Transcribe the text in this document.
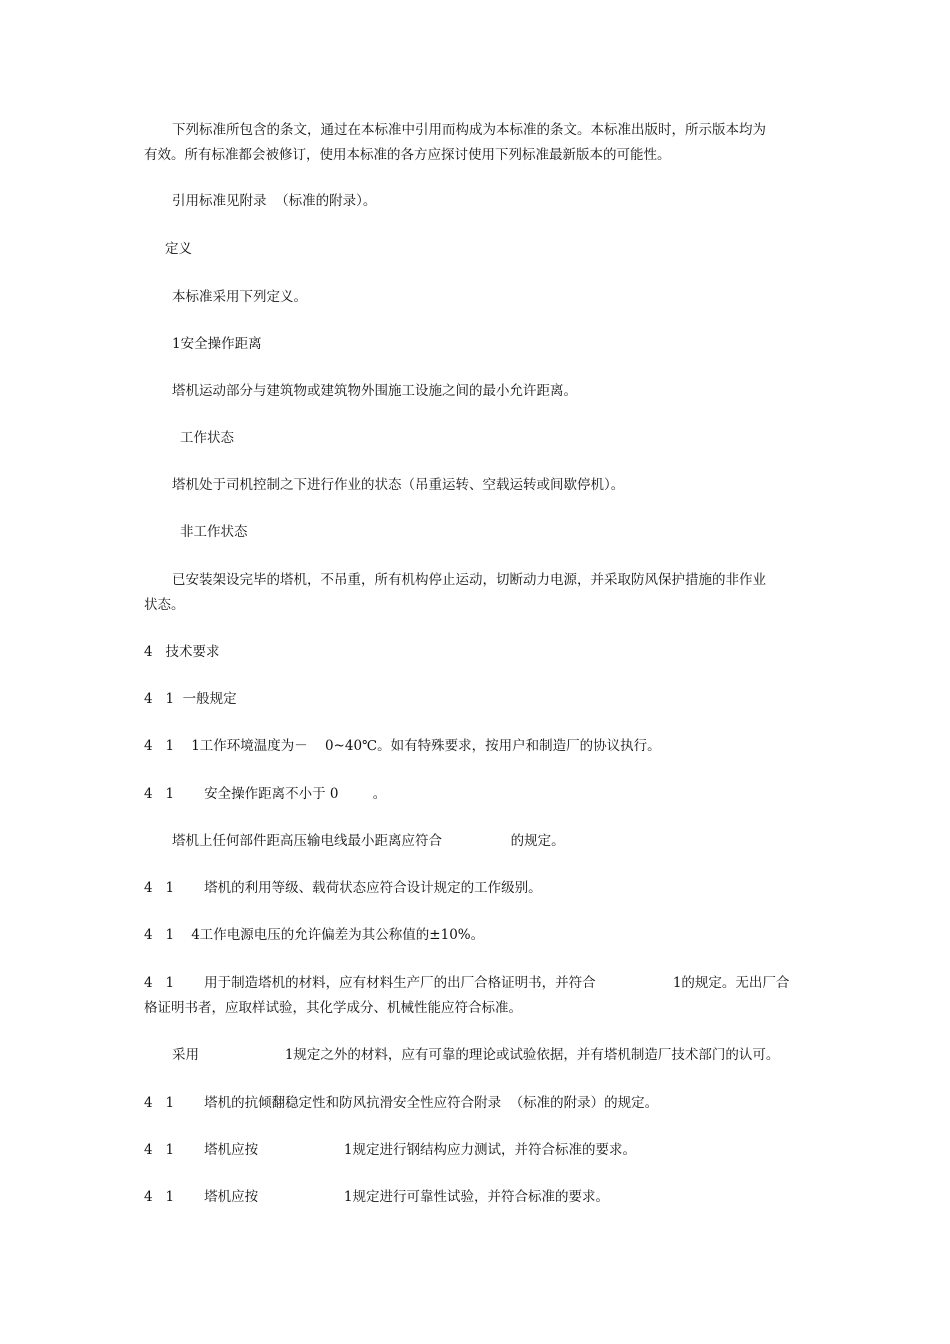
下列标准所包含的条文，通过在本标准中引用而构成为本标准的条文。本标准出版时，所示版本均为
有效。所有标准都会被修订，使用本标准的各方应探讨使用下列标准最新版本的可能性。
引用标准见附录  （标准的附录）。
定义
本标准采用下列定义。
1安全操作距离
塔机运动部分与建筑物或建筑物外围施工设施之间的最小允许距离。
工作状态
塔机处于司机控制之下进行作业的状态（吊重运转、空载运转或间歇停机）。
非工作状态
已安装架设完毕的塔机，不吊重，所有机构停止运动，切断动力电源，并采取防风保护措施的非作业
状态。
4   技术要求
4   1  一般规定
4   1    1工作环境温度为－    0~40℃。如有特殊要求，按用户和制造厂的协议执行。
4   1       安全操作距离不小于 0        。
塔机上任何部件距高压输电线最小距离应符合                的规定。
4   1       塔机的利用等级、载荷状态应符合设计规定的工作级别。
4   1    4工作电源电压的允许偏差为其公称值的±10%。
4   1       用于制造塔机的材料，应有材料生产厂的出厂合格证明书，并符合                  1的规定。无出厂合
格证明书者，应取样试验，其化学成分、机械性能应符合标准。
采用                    1规定之外的材料，应有可靠的理论或试验依据，并有塔机制造厂技术部门的认可。
4   1       塔机的抗倾翻稳定性和防风抗滑安全性应符合附录  （标准的附录）的规定。
4   1       塔机应按                    1规定进行钢结构应力测试，并符合标准的要求。
4   1       塔机应按                    1规定进行可靠性试验，并符合标准的要求。
